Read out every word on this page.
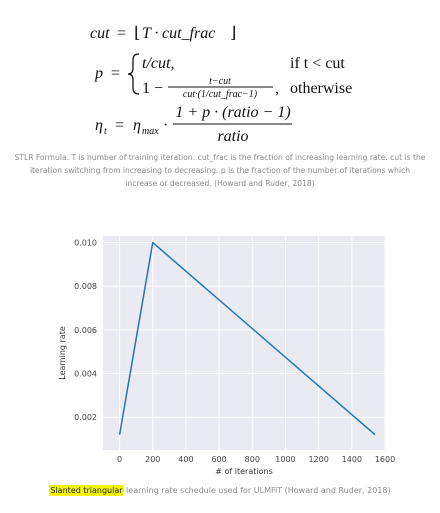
cut = ⌊ T · cut_frac ⌋
p =
t/cut,	if t < cut
1 −	t−cut
cut·(1/cut_frac−1) , otherwise
η t = η max ·
1 + p · (ratio − 1)
ratio
STLR Formula. T is number of training iteration. cut_frac is the fraction of increasing learning rate. cut is the iteration switching from increasing to decreasing. p is the fraction of the number of iterations which increase or decreased. (Howard and Ruder, 2018)
0	200 400 600 800 1000 1200 1400 1600
0.002
0.004
0.006
0.008
0.010
# of iterations
Learning rate
Slanted triangular learning rate schedule used for ULMFiT (Howard and Ruder, 2018)
